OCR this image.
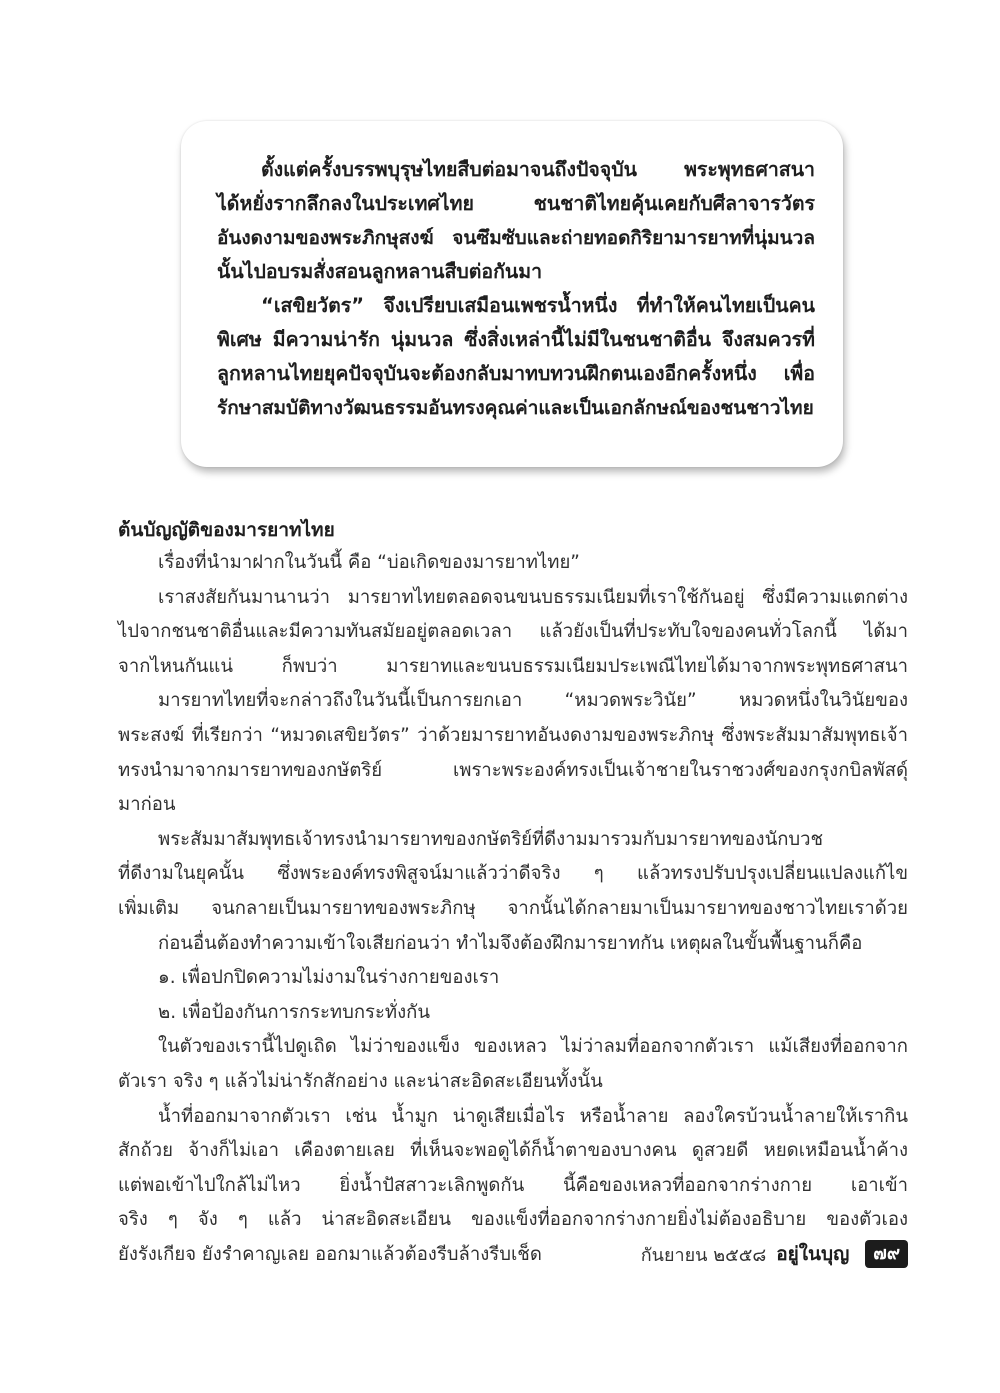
ตั้งแต่ครั้งบรรพบุรุษไทยสืบต่อมาจนถึงปัจจุบัน พระพุทธศาสนา
ได้หยั่งรากลึกลงในประเทศไทย ชนชาติไทยคุ้นเคยกับศีลาจารวัตร
อันงดงามของพระภิกษุสงฆ์ จนซึมซับและถ่ายทอดกิริยามารยาทที่นุ่มนวล
นั้นไปอบรมสั่งสอนลูกหลานสืบต่อกันมา

“เสขิยวัตร” จึงเปรียบเสมือนเพชรน้ำหนึ่ง ที่ทำให้คนไทยเป็นคน
พิเศษ มีความน่ารัก นุ่มนวล ซึ่งสิ่งเหล่านี้ไม่มีในชนชาติอื่น จึงสมควรที่
ลูกหลานไทยยุคปัจจุบันจะต้องกลับมาทบทวนฝึกตนเองอีกครั้งหนึ่ง เพื่อ
รักษาสมบัติทางวัฒนธรรมอันทรงคุณค่าและเป็นเอกลักษณ์ของชนชาวไทย

ต้นบัญญัติของมารยาทไทย

เรื่องที่นำมาฝากในวันนี้ คือ “บ่อเกิดของมารยาทไทย”

เราสงสัยกันมานานว่า มารยาทไทยตลอดจนขนบธรรมเนียมที่เราใช้กันอยู่ ซึ่งมีความแตกต่าง
ไปจากชนชาติอื่นและมีความทันสมัยอยู่ตลอดเวลา แล้วยังเป็นที่ประทับใจของคนทั่วโลกนี้ ได้มา
จากไหนกันแน่ ก็พบว่า มารยาทและขนบธรรมเนียมประเพณีไทยได้มาจากพระพุทธศาสนา

มารยาทไทยที่จะกล่าวถึงในวันนี้เป็นการยกเอา “หมวดพระวินัย” หมวดหนึ่งในวินัยของ
พระสงฆ์ ที่เรียกว่า “หมวดเสขิยวัตร” ว่าด้วยมารยาทอันงดงามของพระภิกษุ ซึ่งพระสัมมาสัมพุทธเจ้า
ทรงนำมาจากมารยาทของกษัตริย์ เพราะพระองค์ทรงเป็นเจ้าชายในราชวงศ์ของกรุงกบิลพัสดุ์
มาก่อน

พระสัมมาสัมพุทธเจ้าทรงนำมารยาทของกษัตริย์ที่ดีงามมารวมกับมารยาทของนักบวช
ที่ดีงามในยุคนั้น ซึ่งพระองค์ทรงพิสูจน์มาแล้วว่าดีจริง ๆ แล้วทรงปรับปรุงเปลี่ยนแปลงแก้ไข
เพิ่มเติม จนกลายเป็นมารยาทของพระภิกษุ จากนั้นได้กลายมาเป็นมารยาทของชาวไทยเราด้วย

ก่อนอื่นต้องทำความเข้าใจเสียก่อนว่า ทำไมจึงต้องฝึกมารยาทกัน เหตุผลในขั้นพื้นฐานก็คือ

๑. เพื่อปกปิดความไม่งามในร่างกายของเรา

๒. เพื่อป้องกันการกระทบกระทั่งกัน

ในตัวของเรานี้ไปดูเถิด ไม่ว่าของแข็ง ของเหลว ไม่ว่าลมที่ออกจากตัวเรา แม้เสียงที่ออกจาก
ตัวเรา จริง ๆ แล้วไม่น่ารักสักอย่าง และน่าสะอิดสะเอียนทั้งนั้น

น้ำที่ออกมาจากตัวเรา เช่น น้ำมูก น่าดูเสียเมื่อไร หรือน้ำลาย ลองใครบ้วนน้ำลายให้เรากิน
สักถ้วย จ้างก็ไม่เอา เคืองตายเลย ที่เห็นจะพอดูได้ก็น้ำตาของบางคน ดูสวยดี หยดเหมือนน้ำค้าง
แต่พอเข้าไปใกล้ไม่ไหว ยิ่งน้ำปัสสาวะเลิกพูดกัน นี้คือของเหลวที่ออกจากร่างกาย เอาเข้า
จริง ๆ จัง ๆ แล้ว น่าสะอิดสะเอียน ของแข็งที่ออกจากร่างกายยิ่งไม่ต้องอธิบาย ของตัวเอง
ยังรังเกียจ ยังรำคาญเลย ออกมาแล้วต้องรีบล้างรีบเช็ด	กันยายน ๒๕๕๘ อยู่ในบุญ	๗๙
